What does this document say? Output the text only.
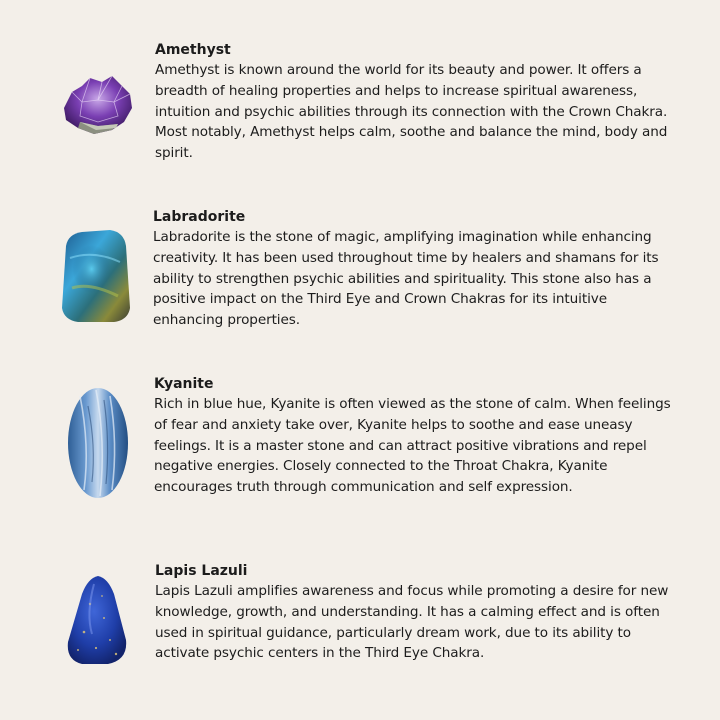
Amethyst

Amethyst is known around the world for its beauty and power. It offers a breadth of healing properties and helps to increase spiritual awareness, intuition and psychic abilities through its connection with the Crown Chakra. Most notably, Amethyst helps calm, soothe and balance the mind, body and spirit.

Labradorite

Labradorite is the stone of magic, amplifying imagination while enhancing creativity. It has been used throughout time by healers and shamans for its ability to strengthen psychic abilities and spirituality. This stone also has a positive impact on the Third Eye and Crown Chakras for its intuitive enhancing properties.

Kyanite

Rich in blue hue, Kyanite is often viewed as the stone of calm. When feelings of fear and anxiety take over, Kyanite helps to soothe and ease uneasy feelings. It is a master stone and can attract positive vibrations and repel negative energies. Closely connected to the Throat Chakra, Kyanite encourages truth through communication and self expression.

Lapis Lazuli

Lapis Lazuli amplifies awareness and focus while promoting a desire for new knowledge, growth, and understanding. It has a calming effect and is often used in spiritual guidance, particularly dream work, due to its ability to activate psychic centers in the Third Eye Chakra.
